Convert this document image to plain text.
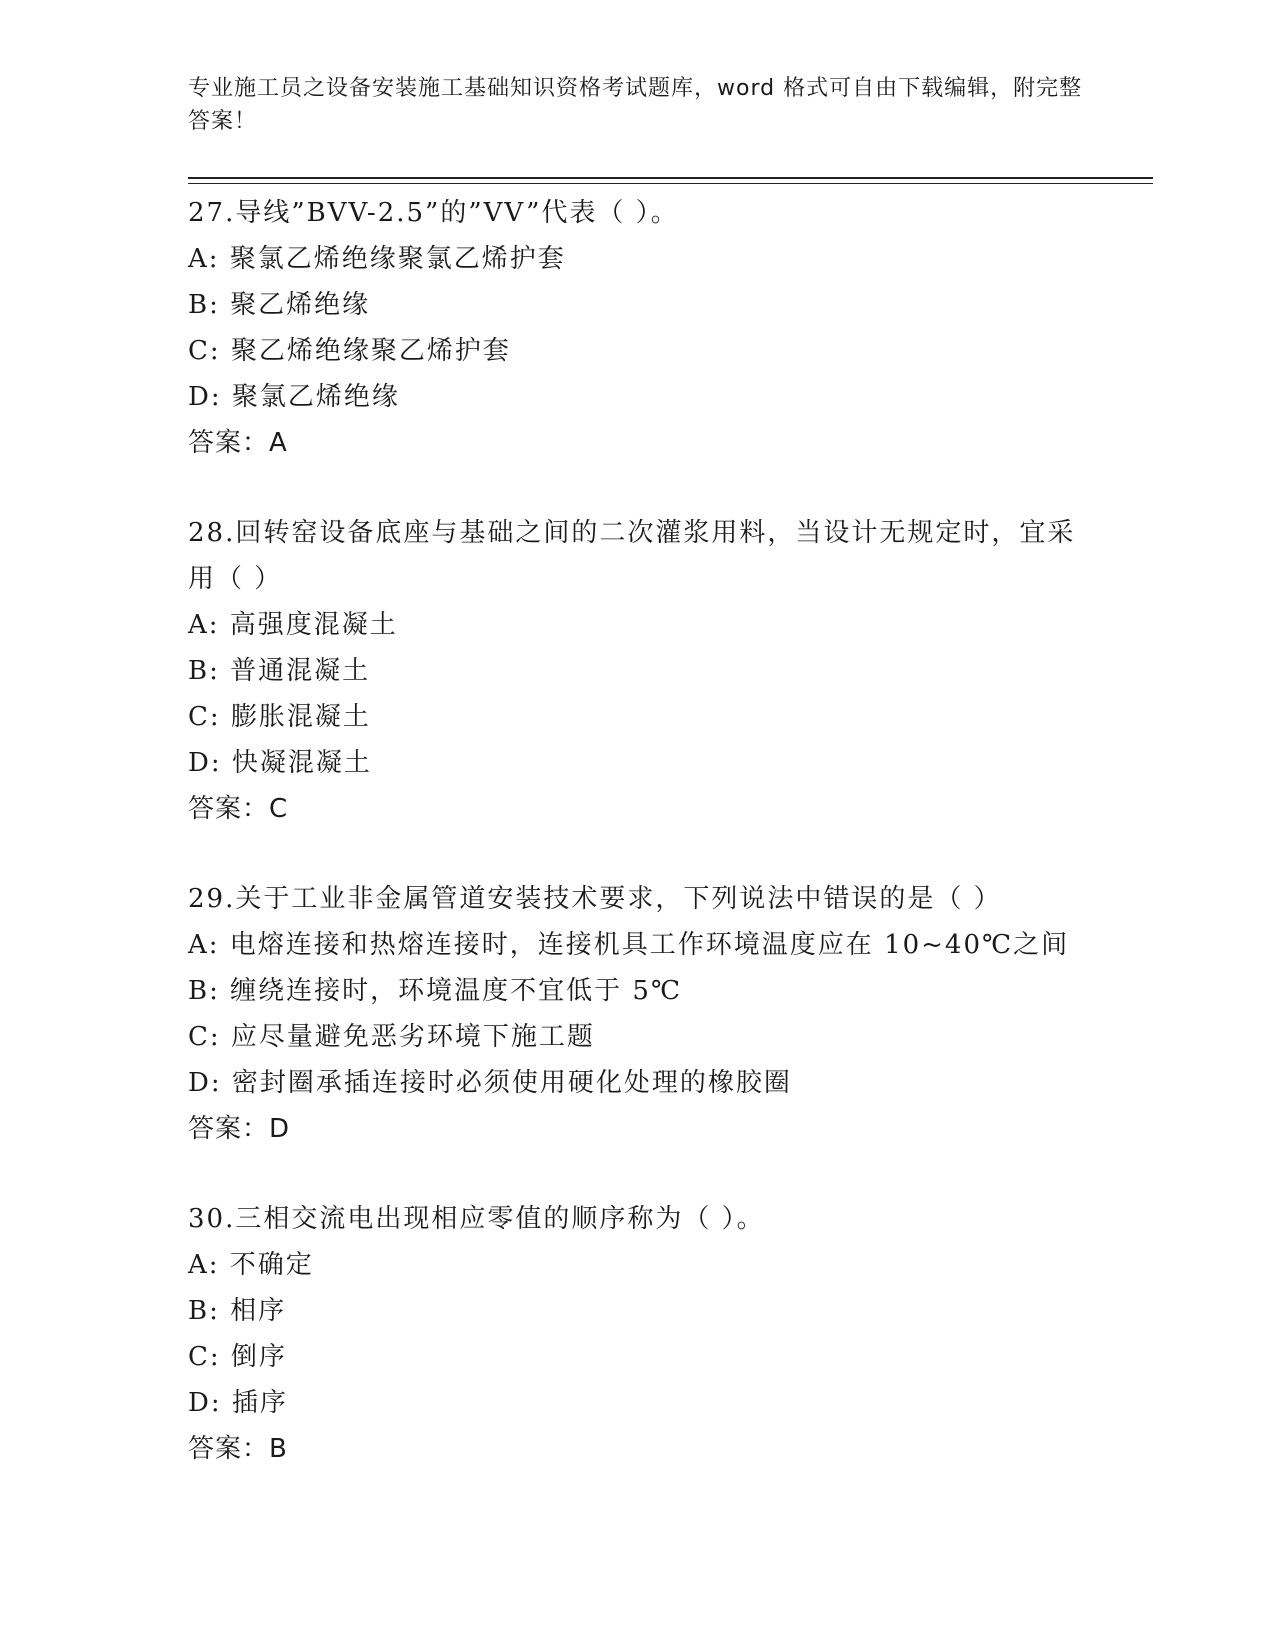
专业施工员之设备安装施工基础知识资格考试题库，word 格式可自由下载编辑，附完整答案！
27.导线”BVV-2.5”的”VV”代表（ ）。
A: 聚氯乙烯绝缘聚氯乙烯护套
B: 聚乙烯绝缘
C: 聚乙烯绝缘聚乙烯护套
D: 聚氯乙烯绝缘
答案：A
28.回转窑设备底座与基础之间的二次灌浆用料，当设计无规定时，宜采用（ ）
A: 高强度混凝土
B: 普通混凝土
C: 膨胀混凝土
D: 快凝混凝土
答案：C
29.关于工业非金属管道安装技术要求，下列说法中错误的是（ ）
A: 电熔连接和热熔连接时，连接机具工作环境温度应在 10~40℃之间
B: 缠绕连接时，环境温度不宜低于 5℃
C: 应尽量避免恶劣环境下施工题
D: 密封圈承插连接时必须使用硬化处理的橡胶圈
答案：D
30.三相交流电出现相应零值的顺序称为（ ）。
A: 不确定
B: 相序
C: 倒序
D: 插序
答案：B
